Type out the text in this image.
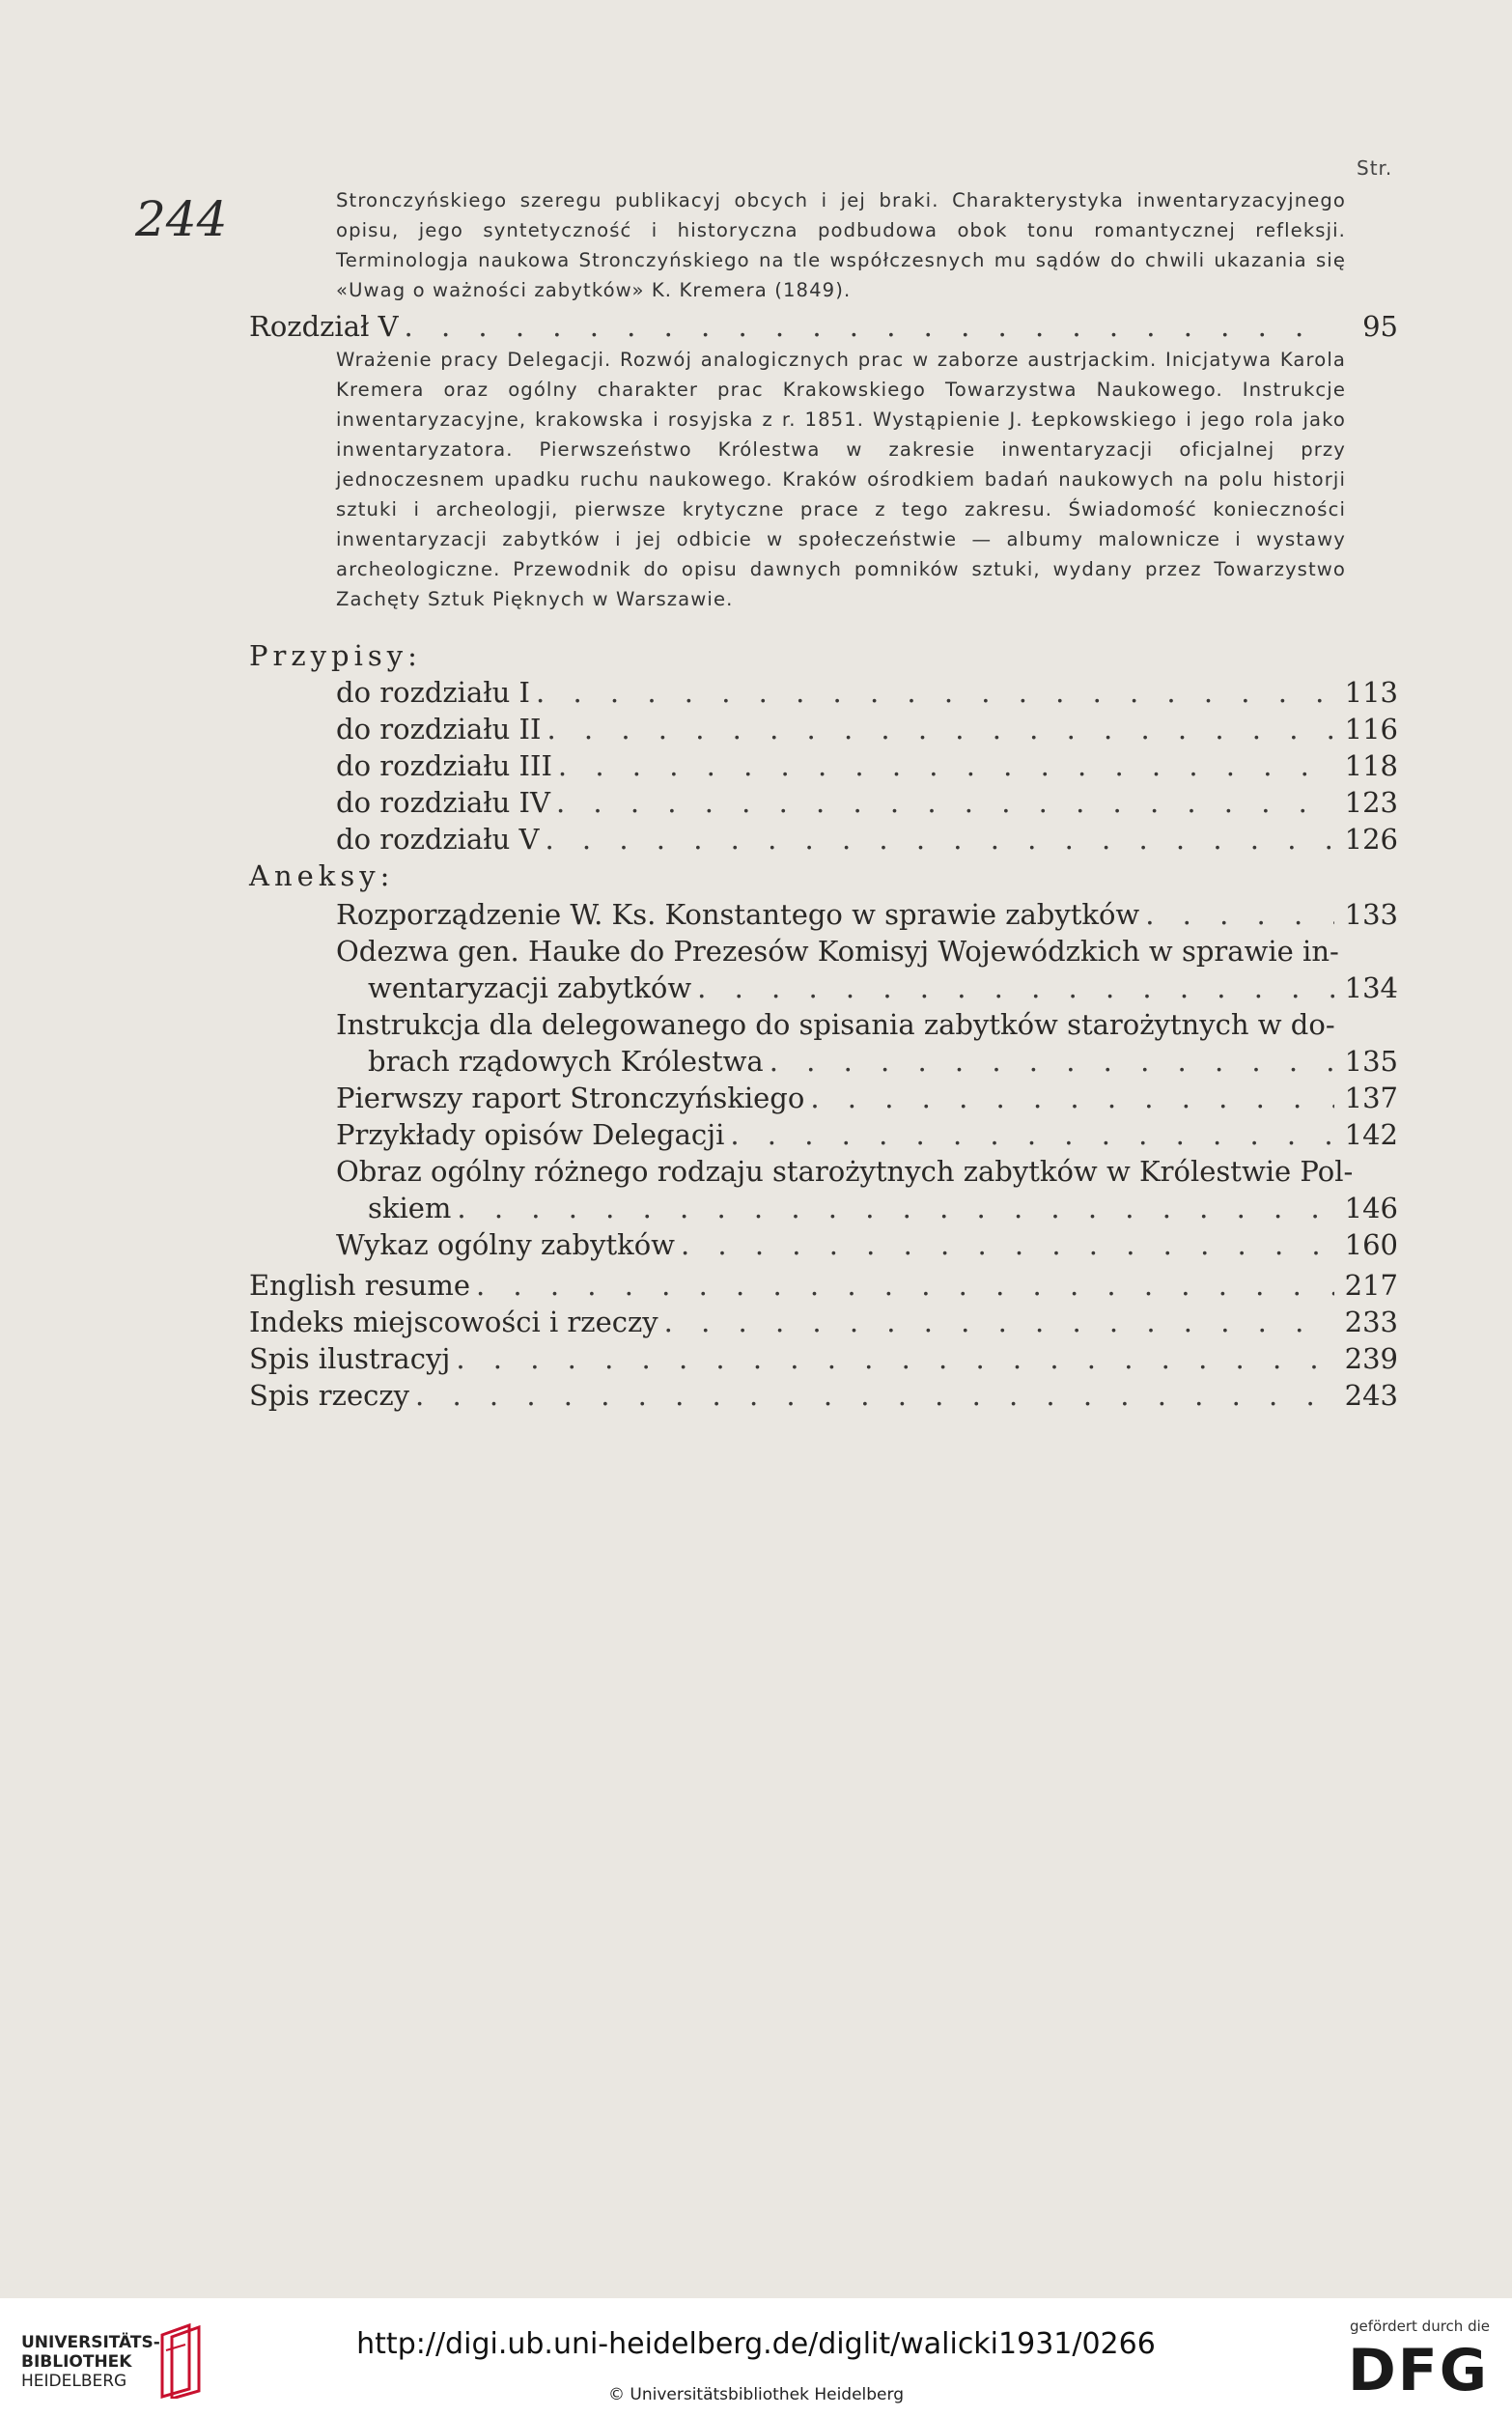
Str.
244	Stronczyńskiego szeregu publikacyj obcych i jej braki. Charakterystyka inwentaryzacyjnego opisu, jego syntetyczność i historyczna podbudowa obok tonu romantycznej refleksji. Terminologja naukowa Stronczyńskiego na tle współczesnych mu sądów do chwili ukazania się «Uwag o ważności zabytków» K. Kremera (1849).
Rozdział V . . .	95
Wrażenie pracy Delegacji. Rozwój analogicznych prac w zaborze austrjackim. Inicjatywa Karola Kremera oraz ogólny charakter prac Krakowskiego Towarzystwa Naukowego. Instrukcje inwentaryzacyjne, krakowska i rosyjska z r. 1851. Wystąpienie J. Łepkowskiego i jego rola jako inwentaryzatora. Pierwszeństwo Królestwa w zakresie inwentaryzacji oficjalnej przy jednoczesnem upadku ruchu naukowego. Kraków ośrodkiem badań naukowych na polu historji sztuki i archeologji, pierwsze krytyczne prace z tego zakresu. Świadomość konieczności inwentaryzacji zabytków i jej odbicie w społeczeństwie — albumy malownicze i wystawy archeologiczne. Przewodnik do opisu dawnych pomników sztuki, wydany przez Towarzystwo Zachęty Sztuk Pięknych w Warszawie.
Przypisy:
do rozdziału I . . .	113
do rozdziału II . . .	116
do rozdziału III . . .	118
do rozdziału IV . . .	123
do rozdziału V . . .	126
Aneksy:
Rozporządzenie W. Ks. Konstantego w sprawie zabytków . . .	133
Odezwa gen. Hauke do Prezesów Komisyj Wojewódzkich w sprawie in-
wentaryzacji zabytków . . .	134
Instrukcja dla delegowanego do spisania zabytków starożytnych w do-
brach rządowych Królestwa . . .	135
Pierwszy raport Stronczyńskiego . . .	137
Przykłady opisów Delegacji . . .	142
Obraz ogólny różnego rodzaju starożytnych zabytków w Królestwie Pol-
skiem . . .	146
Wykaz ogólny zabytków . . .	160
English resume . . .	217
Indeks miejscowości i rzeczy . . .	233
Spis ilustracyj . . .	239
Spis rzeczy . . .	243
UNIVERSITÄTS-
BIBLIOTHEK
HEIDELBERG
http://digi.ub.uni-heidelberg.de/diglit/walicki1931/0266
© Universitätsbibliothek Heidelberg
gefördert durch die
DFG
